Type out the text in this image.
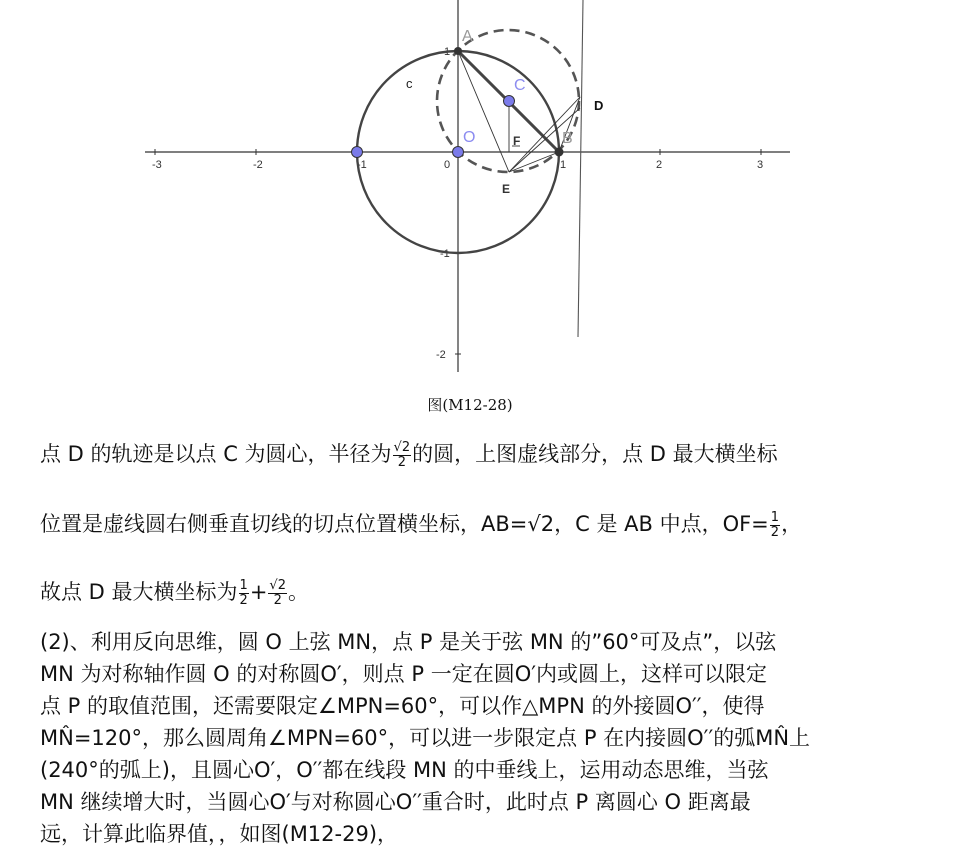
-3	-2	-1	0	1	2	3
1
-1
-2
A
C
c
O	B
D
F
E
图(M12-28)
点 D 的轨迹是以点 C 为圆心，半径为 $\frac{√2}{2}$ 的圆，上图虚线部分，点 D 最大横坐标
位置是虚线圆右侧垂直切线的切点位置横坐标，AB=√2，C 是 AB 中点，$OF= \frac{1}{2}$ ，
故点 D 最大横坐标为 $\frac{1}{2} + \frac{√2}{2}$ 。
(2)、利用反向思维，圆 O 上弦 MN，点 P 是关于弦 MN 的”60°可及点”，以弦
MN 为对称轴作圆 O 的对称圆O′，则点 P 一定在圆O′内或圆上，这样可以限定
点 P 的取值范围，还需要限定∠MPN=60°，可以作△MPN 的外接圆O′′，使得
MN̂=120°，那么圆周角∠MPN=60°，可以进一步限定点 P 在内接圆O′′的弧MN̂上
(240°的弧上)，且圆心O′，O′′都在线段 MN 的中垂线上，运用动态思维，当弦
MN 继续增大时，当圆心O′与对称圆心O′′重合时，此时点 P 离圆心 O 距离最
远，计算此临界值，，如图(M12-29)，
